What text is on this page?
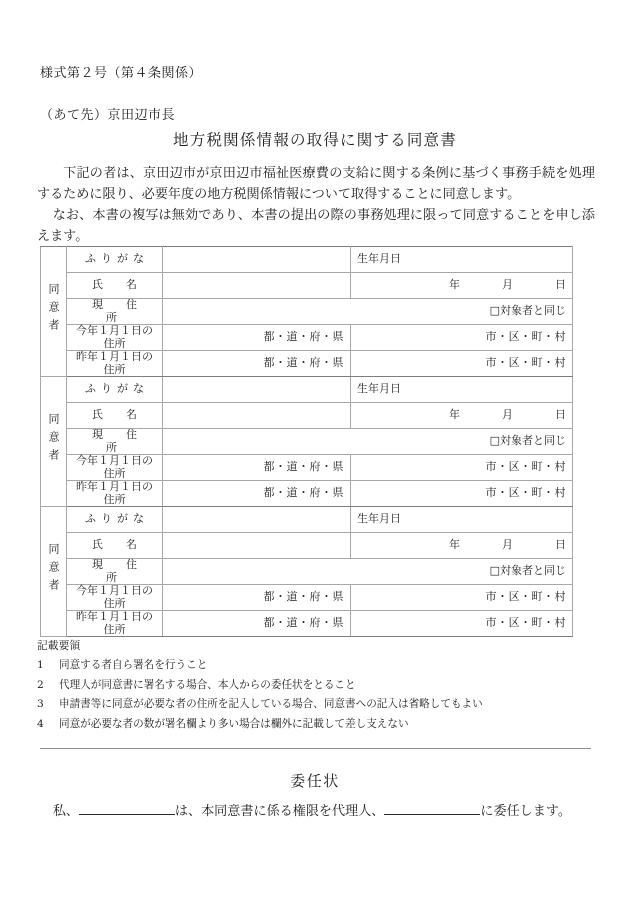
様式第２号（第４条関係）
（あて先）京田辺市長
地方税関係情報の取得に関する同意書

下記の者は、京田辺市が京田辺市福祉医療費の支給に関する条例に基づく事務手続を処理するために限り、必要年度の地方税関係情報について取得することに同意します。

なお、本書の複写は無効であり、本書の提出の際の事務処理に限って同意することを申し添えます。

同意者	ふりがな		生年月日
	氏　名		年 月 日
	現　住　所	□対象者と同じ	
	今年１月１日の住所	都・道・府・県	市・区・町・村
	昨年１月１日の住所	都・道・府・県	市・区・町・村
同意者	ふりがな		生年月日
	氏　名		年 月 日
	現　住　所	□対象者と同じ	
	今年１月１日の住所	都・道・府・県	市・区・町・村
	昨年１月１日の住所	都・道・府・県	市・区・町・村
同意者	ふりがな		生年月日
	氏　名		年 月 日
	現　住　所	□対象者と同じ	
	今年１月１日の住所	都・道・府・県	市・区・町・村
	昨年１月１日の住所	都・道・府・県	市・区・町・村
記載要領
1	同意する者自ら署名を行うこと
2	代理人が同意書に署名する場合、本人からの委任状をとること
3	申請書等に同意が必要な者の住所を記入している場合、同意書への記入は省略してもよい
4	同意が必要な者の数が署名欄より多い場合は欄外に記載して差し支えない
委任状

私、	は、本同意書に係る権限を代理人、	に委任します。
